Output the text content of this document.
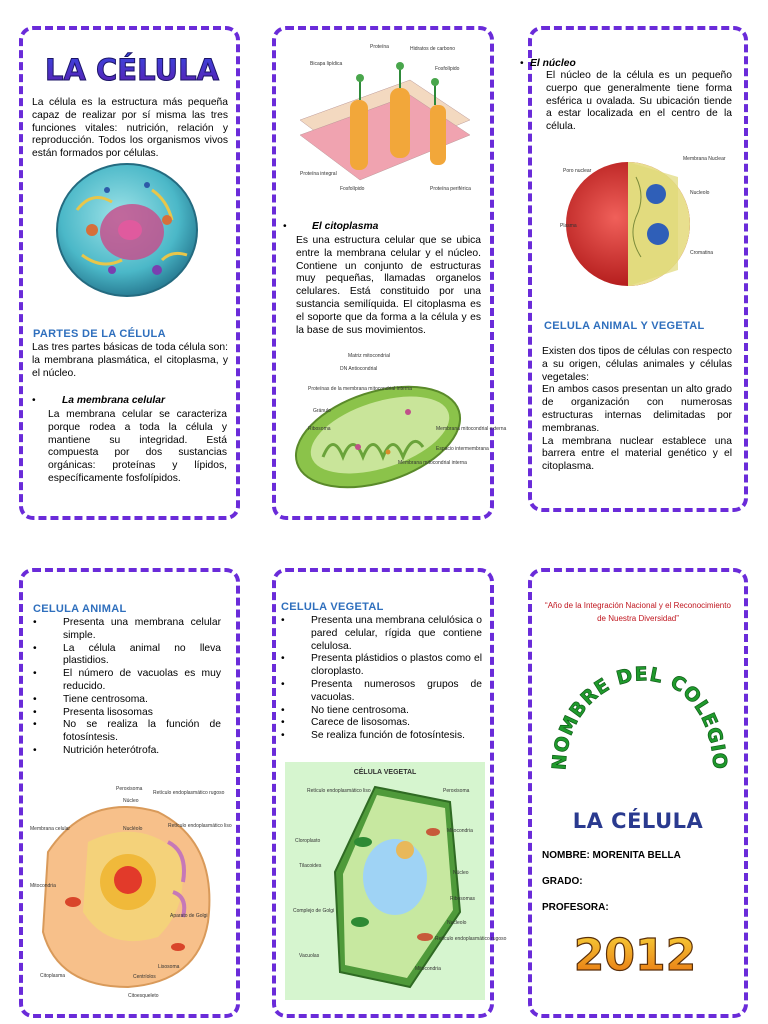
LA CÉLULA

La célula es la estructura más pequeña capaz de realizar por sí misma las tres funciones vitales: nutrición, relación y reproducción. Todos los organismos vivos están formados por células.

PARTES DE LA CÉLULA

Las tres partes básicas de toda célula son: la membrana plasmática, el citoplasma, y el núcleo.

•	La membrana celular

La membrana celular se caracteriza porque rodea a toda la célula y mantiene su integridad. Está compuesta por dos sustancias orgánicas: proteínas y lípidos, específicamente fosfolípidos.

Bicapa lipídica
Proteína	Hidratos de carbono
Fosfolípido
Proteína integral
Fosfolípido	Proteína periférica
•	El citoplasma

Es una estructura celular que se ubica entre la membrana celular y el núcleo. Contiene un conjunto de estructuras muy pequeñas, llamadas organelos celulares. Está constituido por una sustancia semilíquida. El citoplasma es el soporte que da forma a la célula y es la base de sus movimientos.

Matriz mitocondrial
DN Antiocondrial
Proteínas de la membrana mitocondrial interna
Gránulo
Ribosoma	Membrana mitocondrial externa
Espacio intermembrana
Membrana mitocondrial interna
• El núcleo

El núcleo de la célula es un pequeño cuerpo que generalmente tiene forma esférica u ovalada. Su ubicación tiende a estar localizada en el centro de la célula.

Poro nuclear
Membrana Nuclear
Nucleolo
Cromatina
Plasma
CELULA ANIMAL Y VEGETAL
Existen dos tipos de células con respecto a su origen, células animales y células vegetales:
En ambos casos presentan un alto grado de organización con numerosas estructuras internas delimitadas por membranas.
La membrana nuclear establece una barrera entre el material genético y el citoplasma.
CELULA ANIMAL
• Presenta una membrana celular simple.
• La célula animal no lleva plastidios.
• El número de vacuolas es muy reducido.
• Tiene centrosoma.
• Presenta lisosomas
• No se realiza la función de fotosíntesis.
• Nutrición heterótrofa.
Peroxisoma
Núcleo
Retículo endoplasmático rugoso
Membrana celular	Nucléolo	Retículo endoplasmático liso
Mitocondria
Aparato de Golgi
Citoplasma	Centríolos
Lisosoma
Citoesqueleto
CELULA VEGETAL
• Presenta una membrana celulósica o pared celular, rígida que contiene celulosa.
• Presenta plástidios o plastos como el cloroplasto.
• Presenta numerosos grupos de vacuolas.
• No tiene centrosoma.
• Carece de lisosomas.
• Se realiza función de fotosíntesis.
CÉLULA VEGETAL
Retículo endoplasmático liso
Cloroplasto
Tilacoides
Complejo de Golgi
Vacuolas
Peroxisoma
Mitocondria
Núcleo
Ribosomas
Nucleolo
Retículo endoplasmático rugoso
Mitocondria
“Año de la Integración Nacional y el Reconocimiento de Nuestra Diversidad”
NOMBRE DEL COLEGIO
LA CÉLULA
NOMBRE: MORENITA BELLA
GRADO:
PROFESORA:
2012
